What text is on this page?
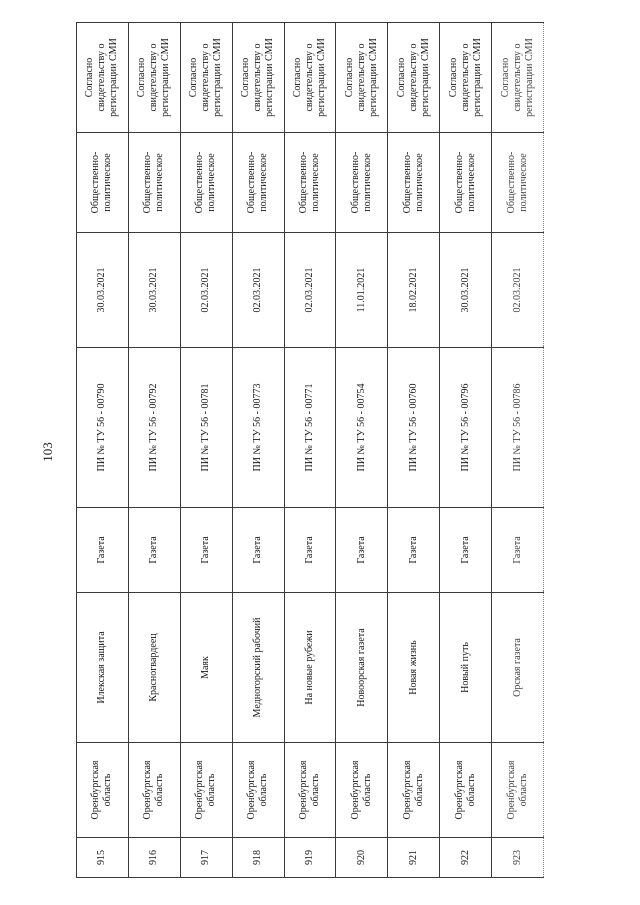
103
915	Оренбургская область	Илекская защита	Газета	ПИ № ТУ 56 - 00790	30.03.2021	Общественно-политическое	Согласно свидетельству о регистрации СМИ
916	Оренбургская область	Красногвардеец	Газета	ПИ № ТУ 56 - 00792	30.03.2021	Общественно-политическое	Согласно свидетельству о регистрации СМИ
917	Оренбургская область	Маяк	Газета	ПИ № ТУ 56 - 00781	02.03.2021	Общественно-политическое	Согласно свидетельству о регистрации СМИ
918	Оренбургская область	Медногорский рабочий	Газета	ПИ № ТУ 56 - 00773	02.03.2021	Общественно-политическое	Согласно свидетельству о регистрации СМИ
919	Оренбургская область	На новые рубежи	Газета	ПИ № ТУ 56 - 00771	02.03.2021	Общественно-политическое	Согласно свидетельству о регистрации СМИ
920	Оренбургская область	Новоорская газета	Газета	ПИ № ТУ 56 - 00754	11.01.2021	Общественно-политическое	Согласно свидетельству о регистрации СМИ
921	Оренбургская область	Новая жизнь	Газета	ПИ № ТУ 56 - 00760	18.02.2021	Общественно-политическое	Согласно свидетельству о регистрации СМИ
922	Оренбургская область	Новый путь	Газета	ПИ № ТУ 56 - 00796	30.03.2021	Общественно-политическое	Согласно свидетельству о регистрации СМИ
923	Оренбургская область	Орская газета	Газета	ПИ № ТУ 56 - 00786	02.03.2021	Общественно-политическое	Согласно свидетельству о регистрации СМИ
